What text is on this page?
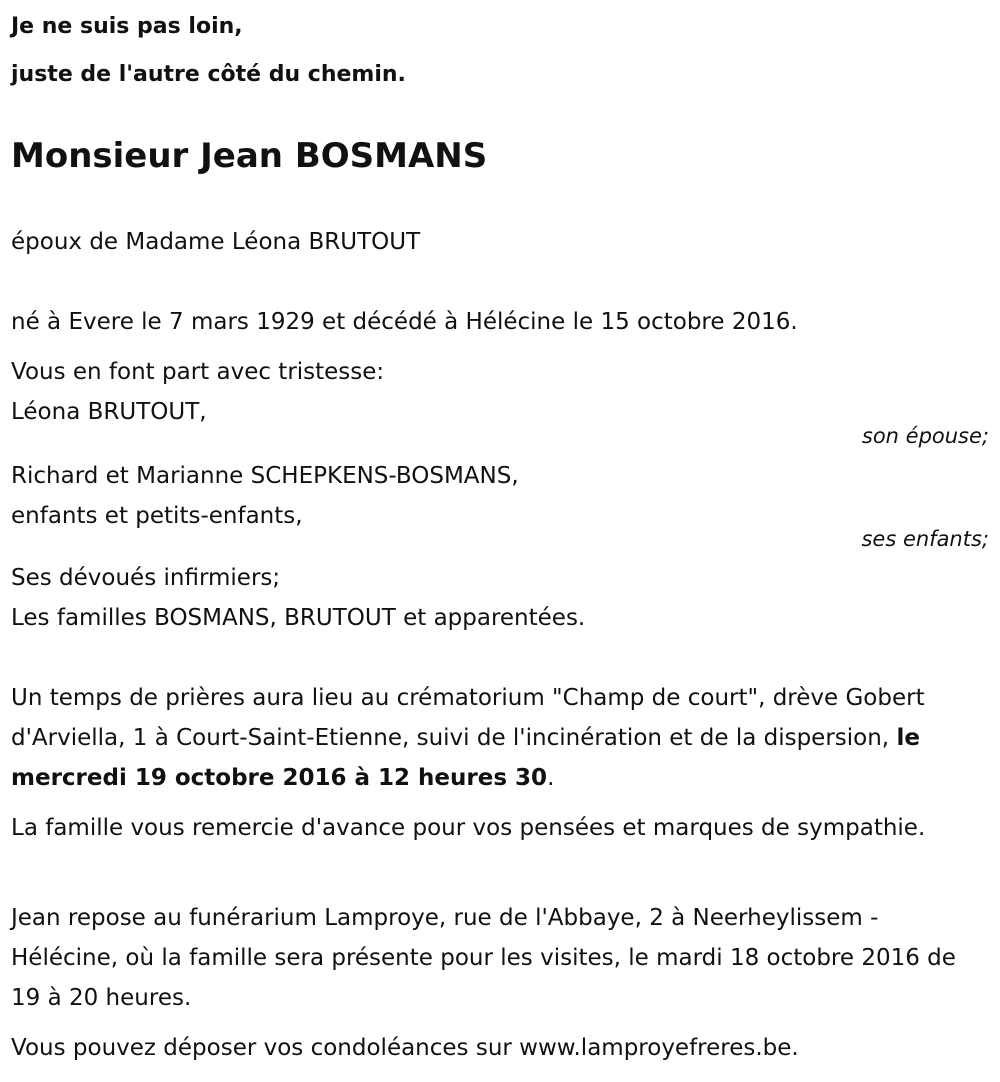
Je ne suis pas loin,
juste de l'autre côté du chemin.
Monsieur Jean BOSMANS
époux de Madame Léona BRUTOUT
né à Evere le 7 mars 1929 et décédé à Hélécine le 15 octobre 2016.
Vous en font part avec tristesse:
Léona BRUTOUT,
son épouse;
Richard et Marianne SCHEPKENS-BOSMANS,
enfants et petits-enfants,
ses enfants;
Ses dévoués infirmiers;
Les familles BOSMANS, BRUTOUT et apparentées.
Un temps de prières aura lieu au crématorium "Champ de court", drève Gobert d'Arviella, 1 à Court-Saint-Etienne, suivi de l'incinération et de la dispersion, le mercredi 19 octobre 2016 à 12 heures 30.
La famille vous remercie d'avance pour vos pensées et marques de sympathie.
Jean repose au funérarium Lamproye, rue de l'Abbaye, 2 à Neerheylissem - Hélécine, où la famille sera présente pour les visites, le mardi 18 octobre 2016 de 19 à 20 heures.
Vous pouvez déposer vos condoléances sur www.lamproyefreres.be.
